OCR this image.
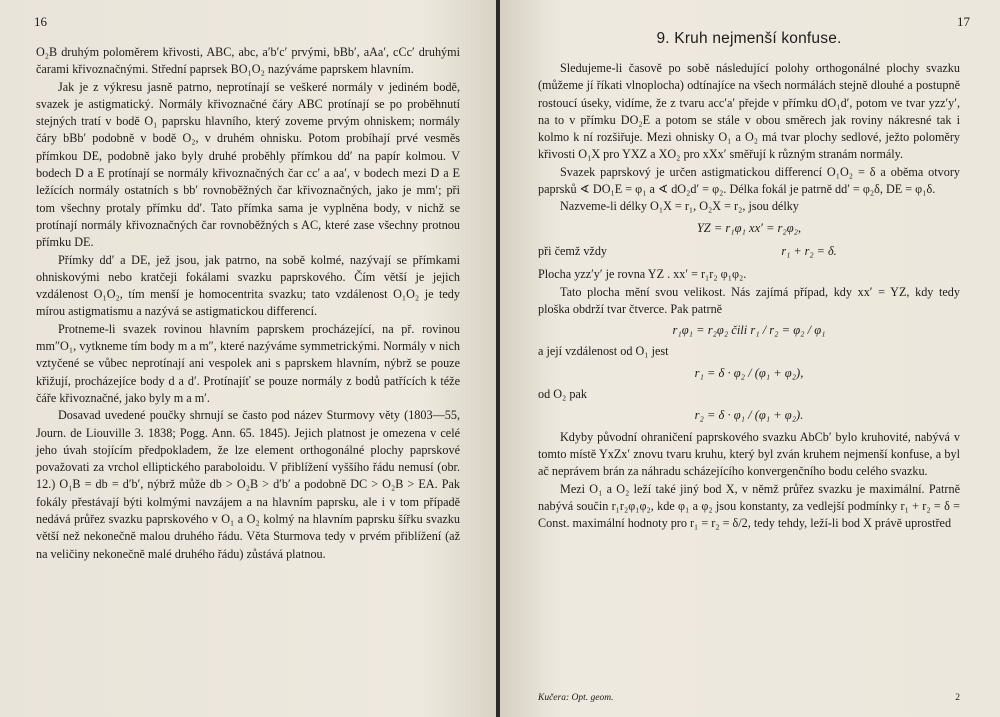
16

O₂B druhým poloměrem křivosti, ABC, abc, a′b′c′ prvými, bBb′, aAa′, cCc′ druhými čarami křivoznačnými. Střední paprsek BO₁O₂ nazýváme paprskem hlavním.

Jak je z výkresu jasně patrno, neprotínají se veškeré normály v jediném bodě, svazek je astigmatický. Normály křivoznačné čáry ABC protínají se po proběhnutí stejných tratí v bodě O₁ paprsku hlavního, který zoveme prvým ohniskem; normály čáry bBb′ podobně v bodě O₂, v druhém ohnisku. Potom probíhají prvé vesměs přímkou DE, podobně jako byly druhé proběhly přímkou dd′ na papír kolmou. V bodech D a E protínají se normály křivoznačných čar cc′ a aa′, v bodech mezi D a E ležících normály ostatních s bb′ rovnoběžných čar křivoznačných, jako je mm′; při tom všechny protaly přímku dd′. Tato přímka sama je vyplněna body, v nichž se protínají normály křivoznačných čar rovnoběžných s AC, které zase všechny protnou přímku DE.

Přímky dd′ a DE, jež jsou, jak patrno, na sobě kolmé, nazývají se přímkami ohniskovými nebo kratčeji fokálami svazku paprskového. Čím větší je jejich vzdálenost O₁O₂, tím menší je homocentrita svazku; tato vzdálenost O₁O₂ je tedy mírou astigmatismu a nazývá se astigmatickou differencí.

Protneme-li svazek rovinou hlavním paprskem procházející, na př. rovinou mm″O₁, vytkneme tím body m a m″, které nazýváme symmetrickými. Normály v nich vztyčené se vůbec neprotínají ani vespolek ani s paprskem hlavním, nýbrž se pouze křižují, procházejíce body d a d′. Protínajíť se pouze normály z bodů patřících k téže čáře křivoznačné, jako byly m a m′.

Dosavad uvedené poučky shrnují se často pod název Sturmovy věty (1803—55, Journ. de Liouville 3. 1838; Pogg. Ann. 65. 1845). Jejich platnost je omezena v celé jeho úvah stojícím předpokladem, že lze element orthogonálné plochy paprskové považovati za vrchol elliptického paraboloidu. V přiblížení vyššího řádu nemusí (obr. 12.) O₁B = db = d′b′, nýbrž může db > O₂B > d′b′ a podobně DC > O₂B > EA. Pak fokály přestávají býti kolmými navzájem a na hlavním paprsku, ale i v tom případě nedává průřez svazku paprskového v O₁ a O₂ kolmý na hlavním paprsku šířku svazku větší než nekonečně malou druhého řádu. Věta Sturmova tedy v prvém přiblížení (až na veličiny nekonečně malé druhého řádu) zůstává platnou.

17
9. Kruh nejmenší konfuse.

Sledujeme-li časově po sobě následující polohy orthogonálné plochy svazku (můžeme jí říkati vlnoplocha) odtínajíce na všech normálách stejně dlouhé a postupně rostoucí úseky, vidíme, že z tvaru acc′a′ přejde v přímku dO₁d′, potom ve tvar yzz′y′, na to v přímku DO₂E a potom se stále v obou směrech jak roviny nákresné tak i kolmo k ní rozšiřuje. Mezi ohnisky O₁ a O₂ má tvar plochy sedlové, ježto poloměry křivosti O₁X pro YXZ a XO₂ pro xXx′ směřují k různým stranám normály.

Svazek paprskový je určen astigmatickou differencí O₁O₂ = δ a oběma otvory paprsků ∢ DO₁E = φ₁ a ∢ dO₂d′ = φ₂. Délka fokál je patrně dd′ = φ₂δ, DE = φ₁δ.

Nazveme-li délky O₁X = r₁, O₂X = r₂, jsou délky

YZ = r₁φ₁ xx′ = r₂φ₂,
při čemž vždy	r₁ + r₂ = δ.

Plocha yzz′y′ je rovna YZ . xx′ = r₁r₂ φ₁φ₂.

Tato plocha mění svou velikost. Nás zajímá případ, kdy xx′ = YZ, kdy tedy ploška obdrží tvar čtverce. Pak patrně

r₁φ₁ = r₂φ₂ čili r₁ / r₂ = φ₂ / φ₁

a její vzdálenost od O₁ jest

r₁ = δ · φ₂ / (φ₁ + φ₂),

od O₂ pak

r₂ = δ · φ₁ / (φ₁ + φ₂).

Kdyby původní ohraničení paprskového svazku AbCb′ bylo kruhovité, nabývá v tomto místě YxZx′ znovu tvaru kruhu, který byl zván kruhem nejmenší konfuse, a byl ač neprávem brán za náhradu scházejícího konvergenčního bodu celého svazku.

Mezi O₁ a O₂ leží také jiný bod X, v němž průřez svazku je maximální. Patrně nabývá součin r₁r₂φ₁φ₂, kde φ₁ a φ₂ jsou konstanty, za vedlejší podmínky r₁ + r₂ = δ = Const. maximální hodnoty pro r₁ = r₂ = δ/2, tedy tehdy, leží-li bod X právě uprostřed

Kučera: Opt. geom.	2
